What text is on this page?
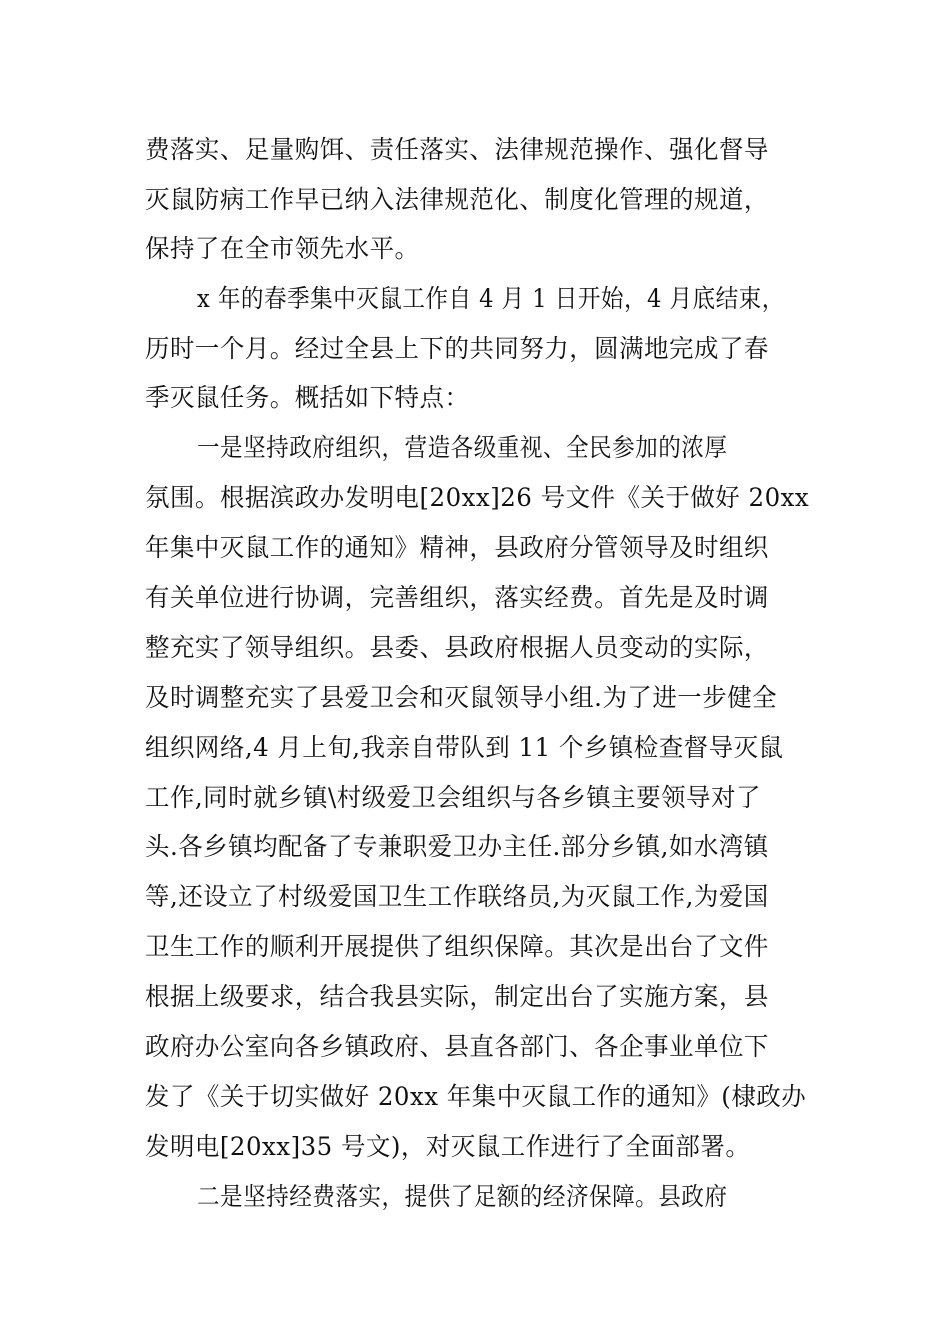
费落实、足量购饵、责任落实、法律规范操作、强化督导
灭鼠防病工作早已纳入法律规范化、制度化管理的规道，
保持了在全市领先水平。
x 年的春季集中灭鼠工作自 4 月 1 日开始，4 月底结束，
历时一个月。经过全县上下的共同努力，圆满地完成了春
季灭鼠任务。概括如下特点：
一是坚持政府组织，营造各级重视、全民参加的浓厚
氛围。根据滨政办发明电[20xx]26 号文件《关于做好 20xx
年集中灭鼠工作的通知》精神，县政府分管领导及时组织
有关单位进行协调，完善组织，落实经费。首先是及时调
整充实了领导组织。县委、县政府根据人员变动的实际，
及时调整充实了县爱卫会和灭鼠领导小组.为了进一步健全
组织网络,4 月上旬,我亲自带队到 11 个乡镇检查督导灭鼠
工作,同时就乡镇\村级爱卫会组织与各乡镇主要领导对了
头.各乡镇均配备了专兼职爱卫办主任.部分乡镇,如水湾镇
等,还设立了村级爱国卫生工作联络员,为灭鼠工作,为爱国
卫生工作的顺利开展提供了组织保障。其次是出台了文件
根据上级要求，结合我县实际，制定出台了实施方案，县
政府办公室向各乡镇政府、县直各部门、各企事业单位下
发了《关于切实做好 20xx 年集中灭鼠工作的通知》(棣政办
发明电[20xx]35 号文)，对灭鼠工作进行了全面部署。
二是坚持经费落实，提供了足额的经济保障。县政府
